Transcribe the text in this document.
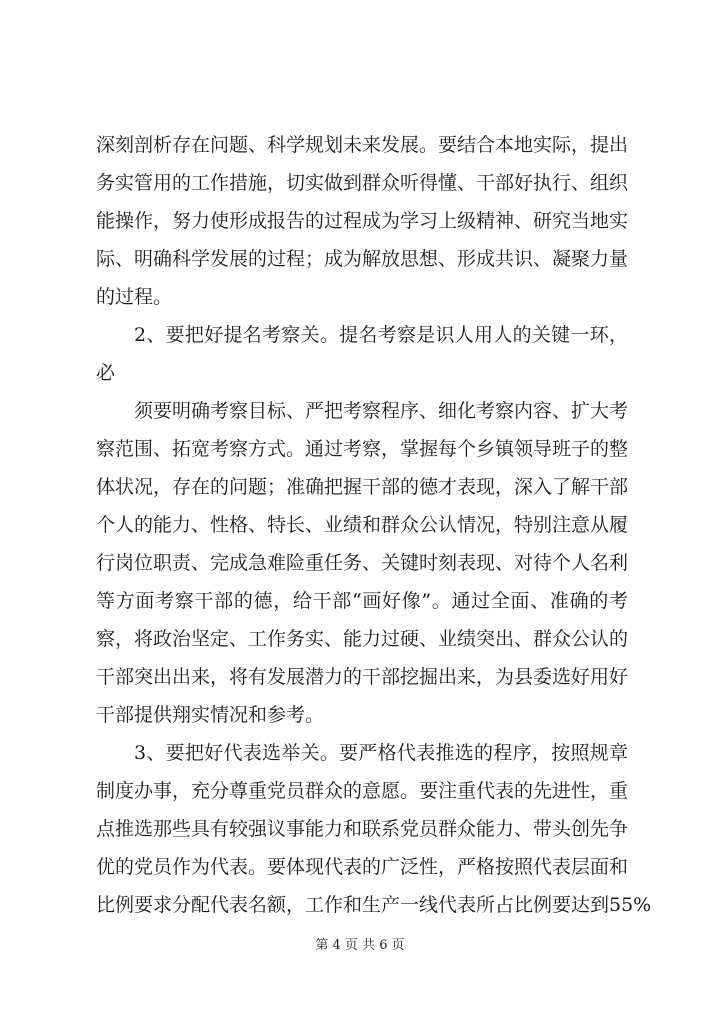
深刻剖析存在问题、科学规划未来发展。要结合本地实际，提出
务实管用的工作措施，切实做到群众听得懂、干部好执行、组织
能操作，努力使形成报告的过程成为学习上级精神、研究当地实
际、明确科学发展的过程；成为解放思想、形成共识、凝聚力量
的过程。
2、要把好提名考察关。提名考察是识人用人的关键一环，
必
须要明确考察目标、严把考察程序、细化考察内容、扩大考
察范围、拓宽考察方式。通过考察，掌握每个乡镇领导班子的整
体状况，存在的问题；准确把握干部的德才表现，深入了解干部
个人的能力、性格、特长、业绩和群众公认情况，特别注意从履
行岗位职责、完成急难险重任务、关键时刻表现、对待个人名利
等方面考察干部的德，给干部“画好像”。通过全面、准确的考
察，将政治坚定、工作务实、能力过硬、业绩突出、群众公认的
干部突出出来，将有发展潜力的干部挖掘出来，为县委选好用好
干部提供翔实情况和参考。
3、要把好代表选举关。要严格代表推选的程序，按照规章
制度办事，充分尊重党员群众的意愿。要注重代表的先进性，重
点推选那些具有较强议事能力和联系党员群众能力、带头创先争
优的党员作为代表。要体现代表的广泛性，严格按照代表层面和
比例要求分配代表名额，工作和生产一线代表所占比例要达到55%
第 4 页 共 6 页
